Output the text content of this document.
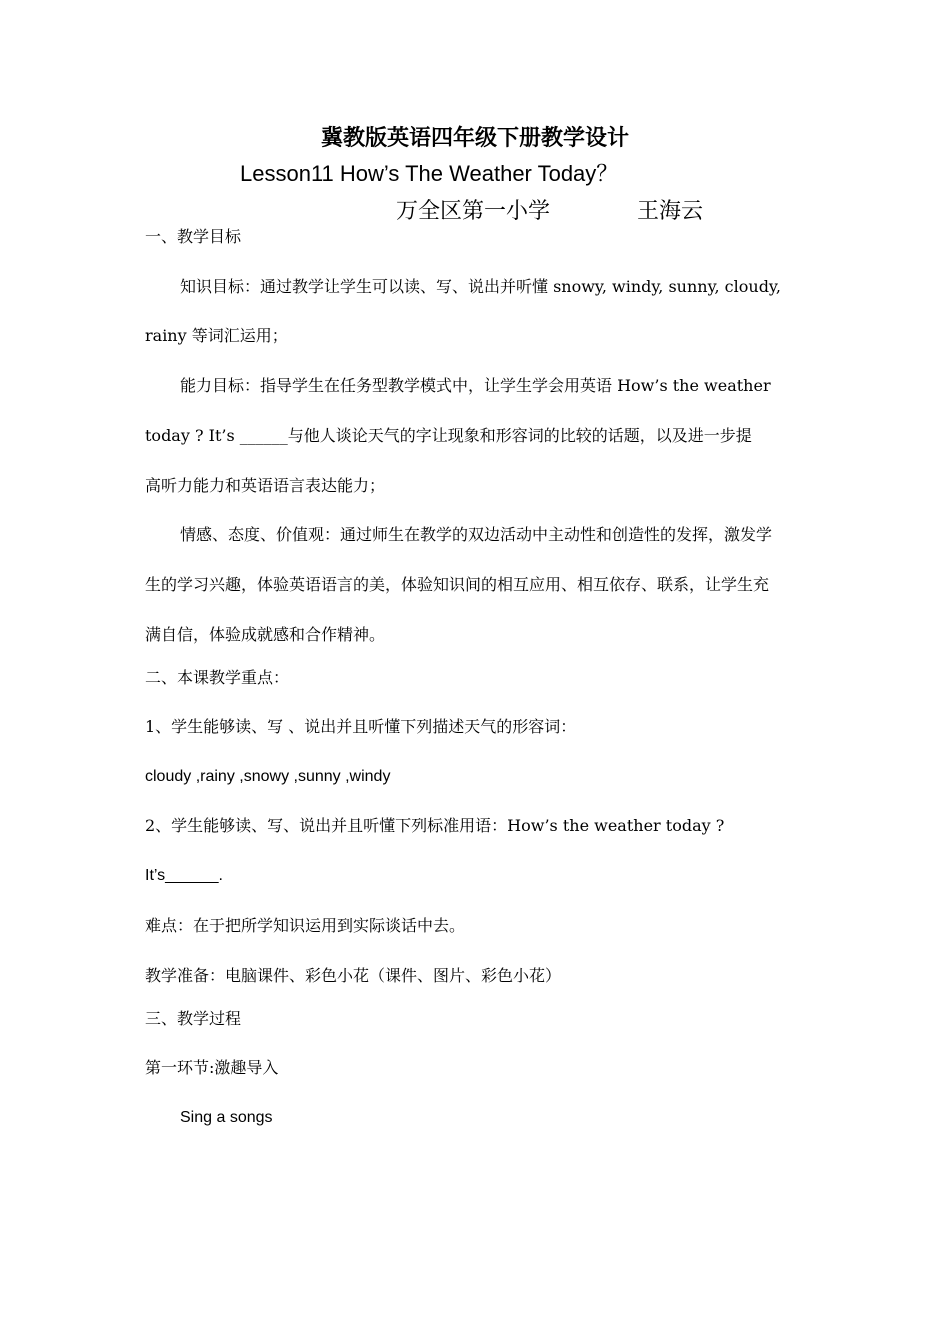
冀教版英语四年级下册教学设计
Lesson11 How’s The Weather Today？
万全区第一小学	王海云
一、教学目标
知识目标：通过教学让学生可以读、写、说出并听懂 snowy, windy, sunny, cloudy,
rainy 等词汇运用；
能力目标：指导学生在任务型教学模式中，让学生学会用英语 How’s the weather
today ? It’s ______与他人谈论天气的字让现象和形容词的比较的话题，以及进一步提
高听力能力和英语语言表达能力；
情感、态度、价值观：通过师生在教学的双边活动中主动性和创造性的发挥，激发学
生的学习兴趣，体验英语语言的美，体验知识间的相互应用、相互依存、联系，让学生充
满自信，体验成就感和合作精神。
二、本课教学重点：
1、学生能够读、写 、说出并且听懂下列描述天气的形容词：
cloudy ,rainy ,snowy ,sunny ,windy
2、学生能够读、写、说出并且听懂下列标准用语：How’s the weather today ?
It’s______.
难点：在于把所学知识运用到实际谈话中去。
教学准备：电脑课件、彩色小花（课件、图片、彩色小花）
三、教学过程
第一环节:激趣导入
Sing a songs
